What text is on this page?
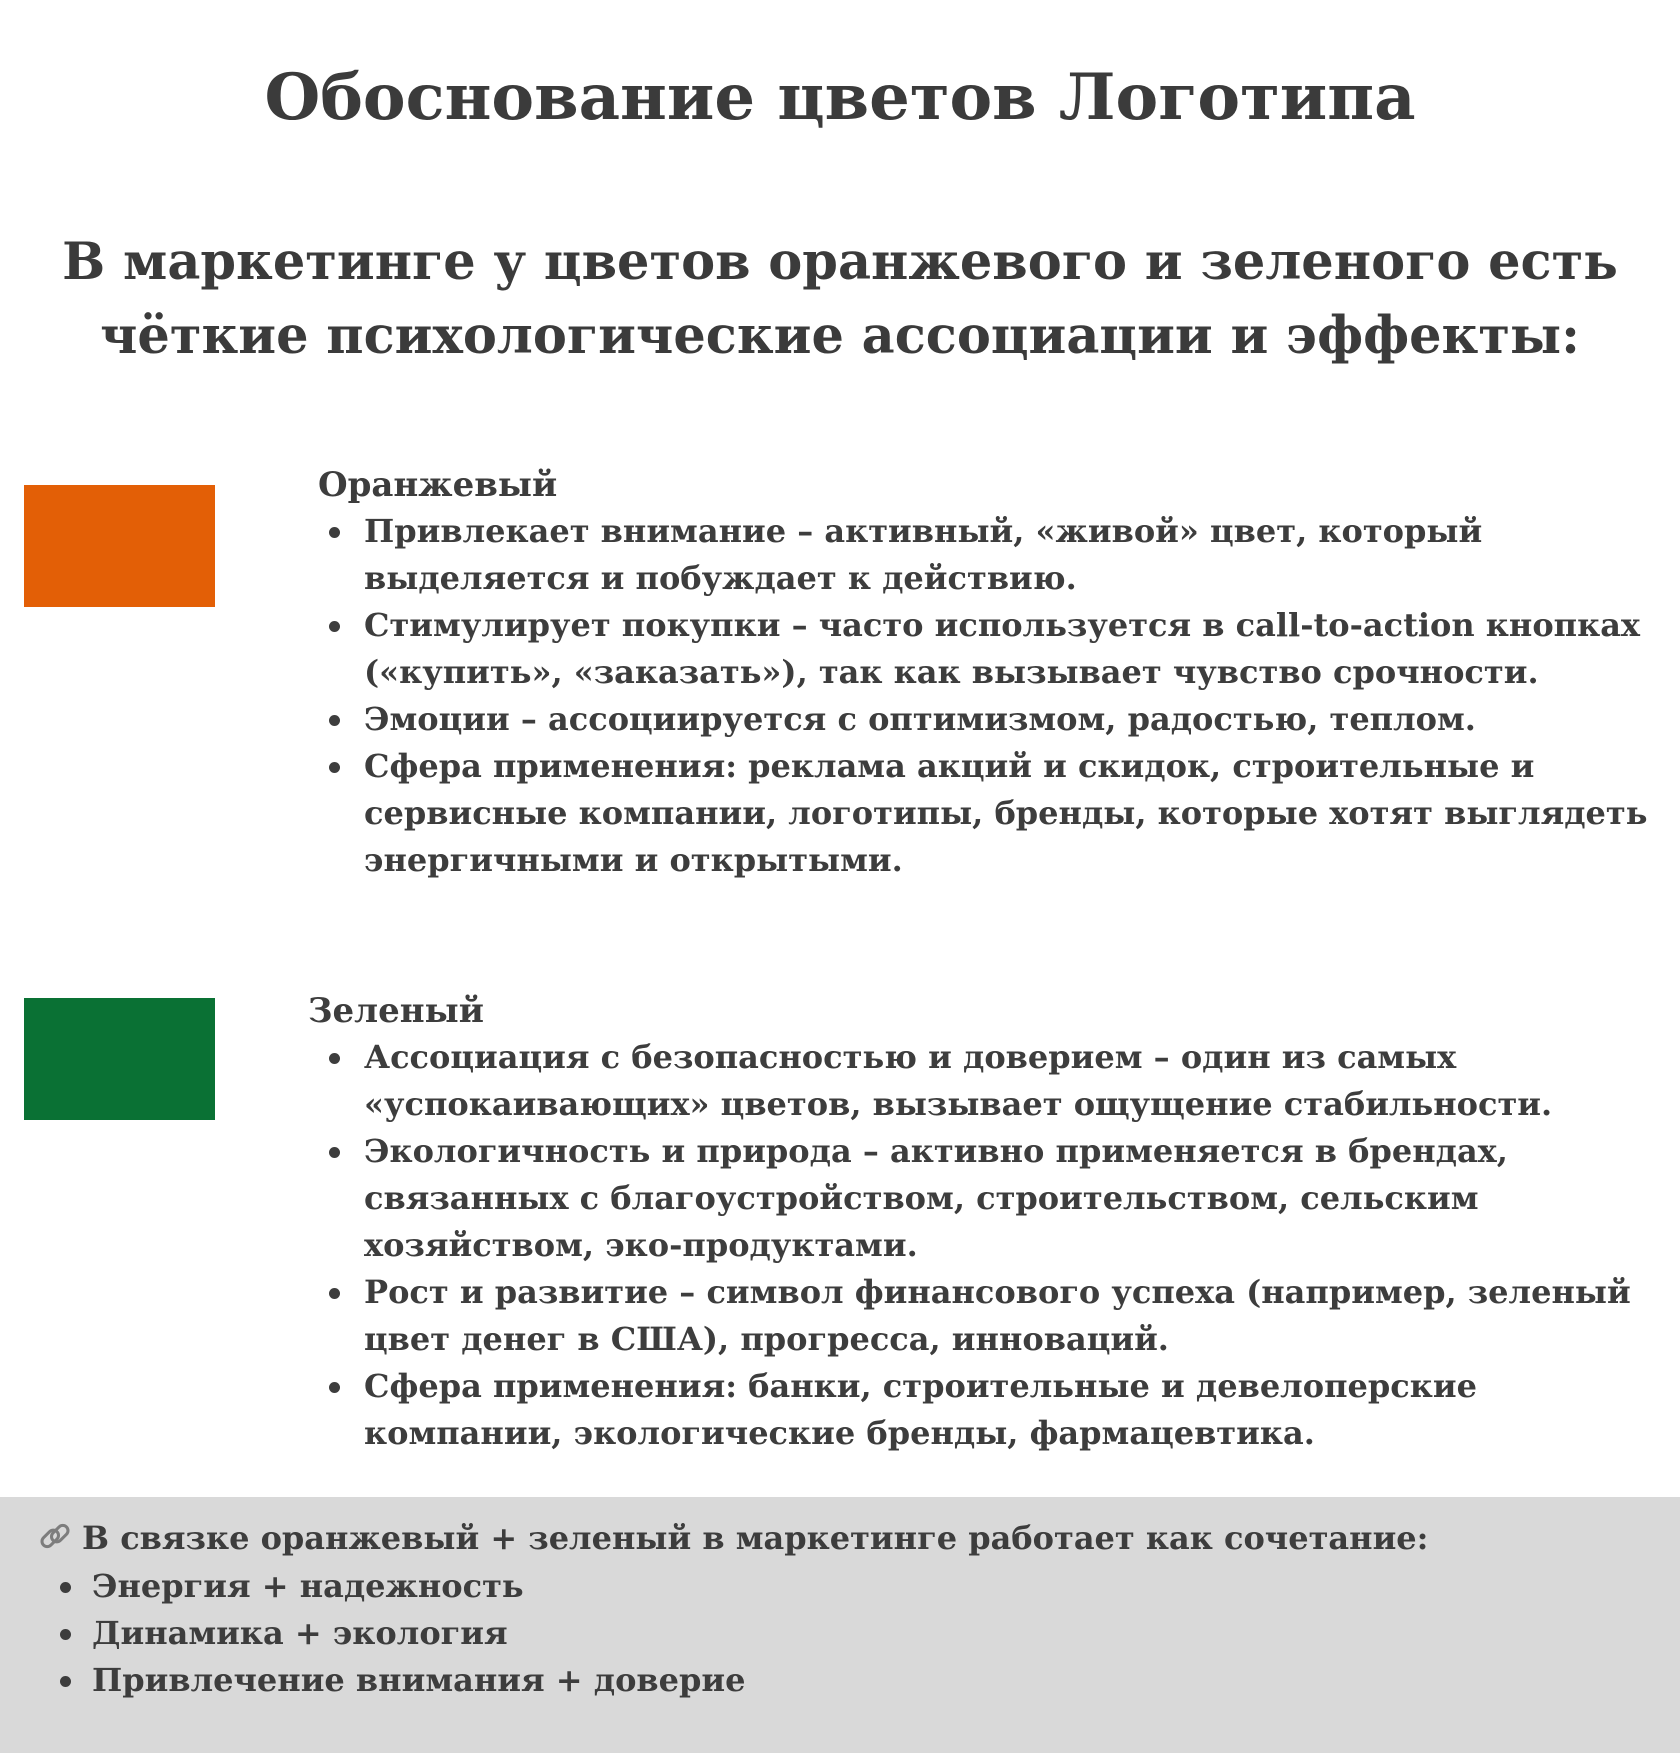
Обоснование цветов Логотипа
В маркетинге у цветов оранжевого и зеленого есть чёткие психологические ассоциации и эффекты:
Оранжевый
Привлекает внимание – активный, «живой» цвет, который выделяется и побуждает к действию.
Стимулирует покупки – часто используется в call-to-action кнопках («купить», «заказать»), так как вызывает чувство срочности.
Эмоции – ассоциируется с оптимизмом, радостью, теплом.
Сфера применения: реклама акций и скидок, строительные и сервисные компании, логотипы, бренды, которые хотят выглядеть энергичными и открытыми.
Зеленый
Ассоциация с безопасностью и доверием – один из самых «успокаивающих» цветов, вызывает ощущение стабильности.
Экологичность и природа – активно применяется в брендах, связанных с благоустройством, строительством, сельским хозяйством, эко-продуктами.
Рост и развитие – символ финансового успеха (например, зеленый цвет денег в США), прогресса, инноваций.
Сфера применения: банки, строительные и девелоперские компании, экологические бренды, фармацевтика.
В связке оранжевый + зеленый в маркетинге работает как сочетание:
Энергия + надежность
Динамика + экология
Привлечение внимания + доверие
